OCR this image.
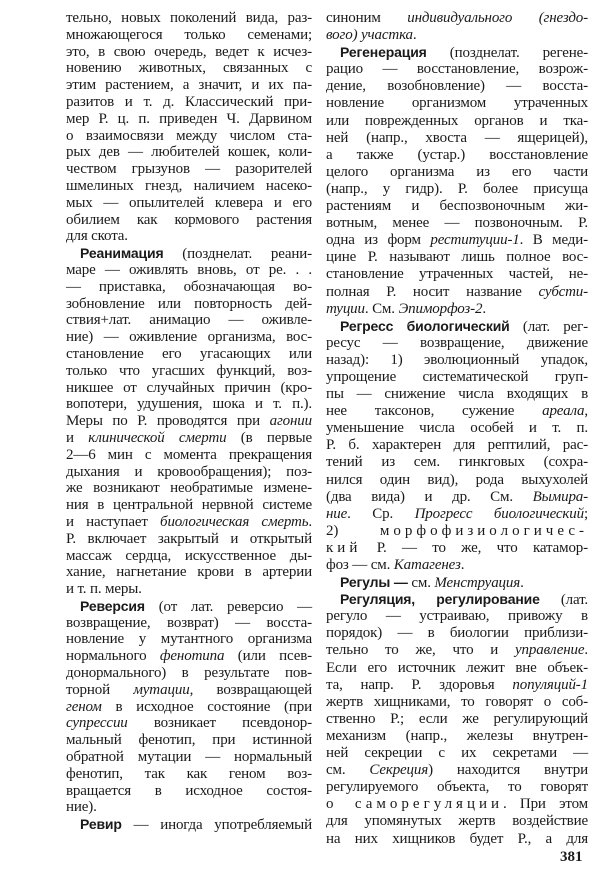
тельно, новых поколений вида, раз-
множающегося только семенами;
это, в свою очередь, ведет к исчез-
новению животных, связанных с
этим растением, а значит, и их па-
разитов и т. д. Классический при-
мер Р. ц. п. приведен Ч. Дарвином
о взаимосвязи между числом ста-
рых дев — любителей кошек, коли-
чеством грызунов — разорителей
шмелиных гнезд, наличием насеко-
мых — опылителей клевера и его
обилием как кормового растения
для скота.
Реанимация (позднелат. реани-
маре — оживлять вновь, от ре. . .
— приставка, обозначающая во-
зобновление или повторность дей-
ствия+лат. анимацио — оживле-
ние) — оживление организма, вос-
становление его угасающих или
только что угасших функций, воз-
никшее от случайных причин (кро-
вопотери, удушения, шока и т. п.).
Меры по Р. проводятся при агонии
и клинической смерти (в первые
2—6 мин с момента прекращения
дыхания и кровообращения); поз-
же возникают необратимые измене-
ния в центральной нервной системе
и наступает биологическая смерть.
Р. включает закрытый и открытый
массаж сердца, искусственное ды-
хание, нагнетание крови в артерии
и т. п. меры.
Реверсия (от лат. реверсио —
возвращение, возврат) — восста-
новление у мутантного организма
нормального фенотипа (или псев-
донормального) в результате пов-
торной мутации, возвращающей
геном в исходное состояние (при
супрессии возникает псевдонор-
мальный фенотип, при истинной
обратной мутации — нормальный
фенотип, так как геном воз-
вращается в исходное состоя-
ние).
Ревир — иногда употребляемый
синоним индивидуального (гнездо-
вого) участка.
Регенерация (позднелат. регене-
рацио — восстановление, возрож-
дение, возобновление) — восста-
новление организмом утраченных
или поврежденных органов и тка-
ней (напр., хвоста — ящерицей),
а также (устар.) восстановление
целого организма из его части
(напр., у гидр). Р. более присуща
растениям и беспозвоночным жи-
вотным, менее — позвоночным. Р.
одна из форм реституции-1. В меди-
цине Р. называют лишь полное вос-
становление утраченных частей, не-
полная Р. носит название субсти-
туции. См. Эпиморфоз-2.
Регресс биологический (лат. рег-
ресус — возвращение, движение
назад): 1) эволюционный упадок,
упрощение систематической груп-
пы — снижение числа входящих в
нее таксонов, сужение ареала,
уменьшение числа особей и т. п.
Р. б. характерен для рептилий, рас-
тений из сем. гинкговых (сохра-
нился один вид), рода выхухолей
(два вида) и др. См. Вымира-
ние. Ср. Прогресс биологический;
2) морфофизиологичес-
кий Р. — то же, что катамор-
фоз — см. Катагенез.
Регулы — см. Менструация.
Регуляция, регулирование (лат.
регуло — устраиваю, привожу в
порядок) — в биологии приблизи-
тельно то же, что и управление.
Если его источник лежит вне объек-
та, напр. Р. здоровья популяций-1
жертв хищниками, то говорят о соб-
ственно Р.; если же регулирующий
механизм (напр., железы внутрен-
ней секреции с их секретами —
см. Секреция) находится внутри
регулируемого объекта, то говорят
о саморегуляции. При этом
для упомянутых жертв воздействие
на них хищников будет Р., а для
381
